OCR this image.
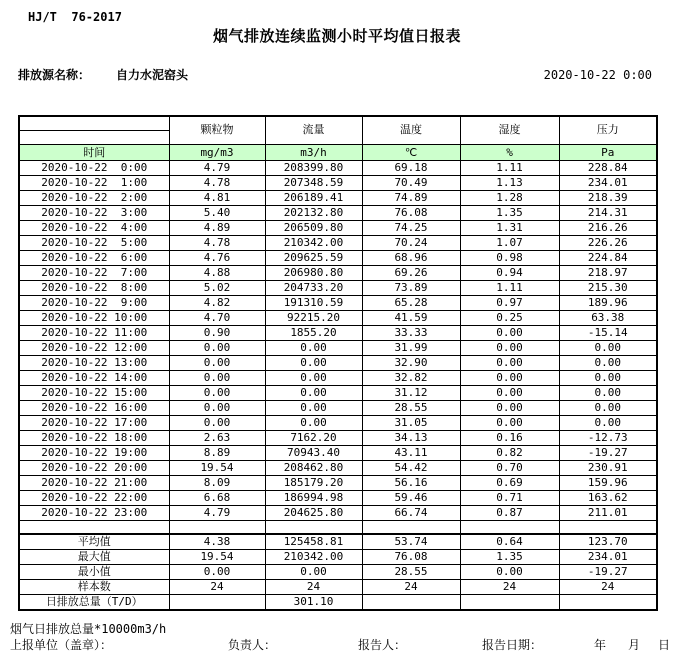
HJ/T  76-2017
烟气排放连续监测小时平均值日报表
排放源名称： 自力水泥窑头	2020-10-22 0:00
	颗粒物	流量	温度	湿度	压力

时间	mg/m3	m3/h	℃	%	Pa
2020-10-22  0:00	4.79	208399.80	69.18	1.11	228.84
2020-10-22  1:00	4.78	207348.59	70.49	1.13	234.01
2020-10-22  2:00	4.81	206189.41	74.89	1.28	218.39
2020-10-22  3:00	5.40	202132.80	76.08	1.35	214.31
2020-10-22  4:00	4.89	206509.80	74.25	1.31	216.26
2020-10-22  5:00	4.78	210342.00	70.24	1.07	226.26
2020-10-22  6:00	4.76	209625.59	68.96	0.98	224.84
2020-10-22  7:00	4.88	206980.80	69.26	0.94	218.97
2020-10-22  8:00	5.02	204733.20	73.89	1.11	215.30
2020-10-22  9:00	4.82	191310.59	65.28	0.97	189.96
2020-10-22 10:00	4.70	92215.20	41.59	0.25	63.38
2020-10-22 11:00	0.90	1855.20	33.33	0.00	-15.14
2020-10-22 12:00	0.00	0.00	31.99	0.00	0.00
2020-10-22 13:00	0.00	0.00	32.90	0.00	0.00
2020-10-22 14:00	0.00	0.00	32.82	0.00	0.00
2020-10-22 15:00	0.00	0.00	31.12	0.00	0.00
2020-10-22 16:00	0.00	0.00	28.55	0.00	0.00
2020-10-22 17:00	0.00	0.00	31.05	0.00	0.00
2020-10-22 18:00	2.63	7162.20	34.13	0.16	-12.73
2020-10-22 19:00	8.89	70943.40	43.11	0.82	-19.27
2020-10-22 20:00	19.54	208462.80	54.42	0.70	230.91
2020-10-22 21:00	8.09	185179.20	56.16	0.69	159.96
2020-10-22 22:00	6.68	186994.98	59.46	0.71	163.62
2020-10-22 23:00	4.79	204625.80	66.74	0.87	211.01

平均值	4.38	125458.81	53.74	0.64	123.70
最大值	19.54	210342.00	76.08	1.35	234.01
最小值	0.00	0.00	28.55	0.00	-19.27
样本数	24	24	24	24	24
日排放总量（T/D）		301.10			
烟气日排放总量*10000m3/h
上报单位（盖章）：	负责人：	报告人：	报告日期：	年 月 日
